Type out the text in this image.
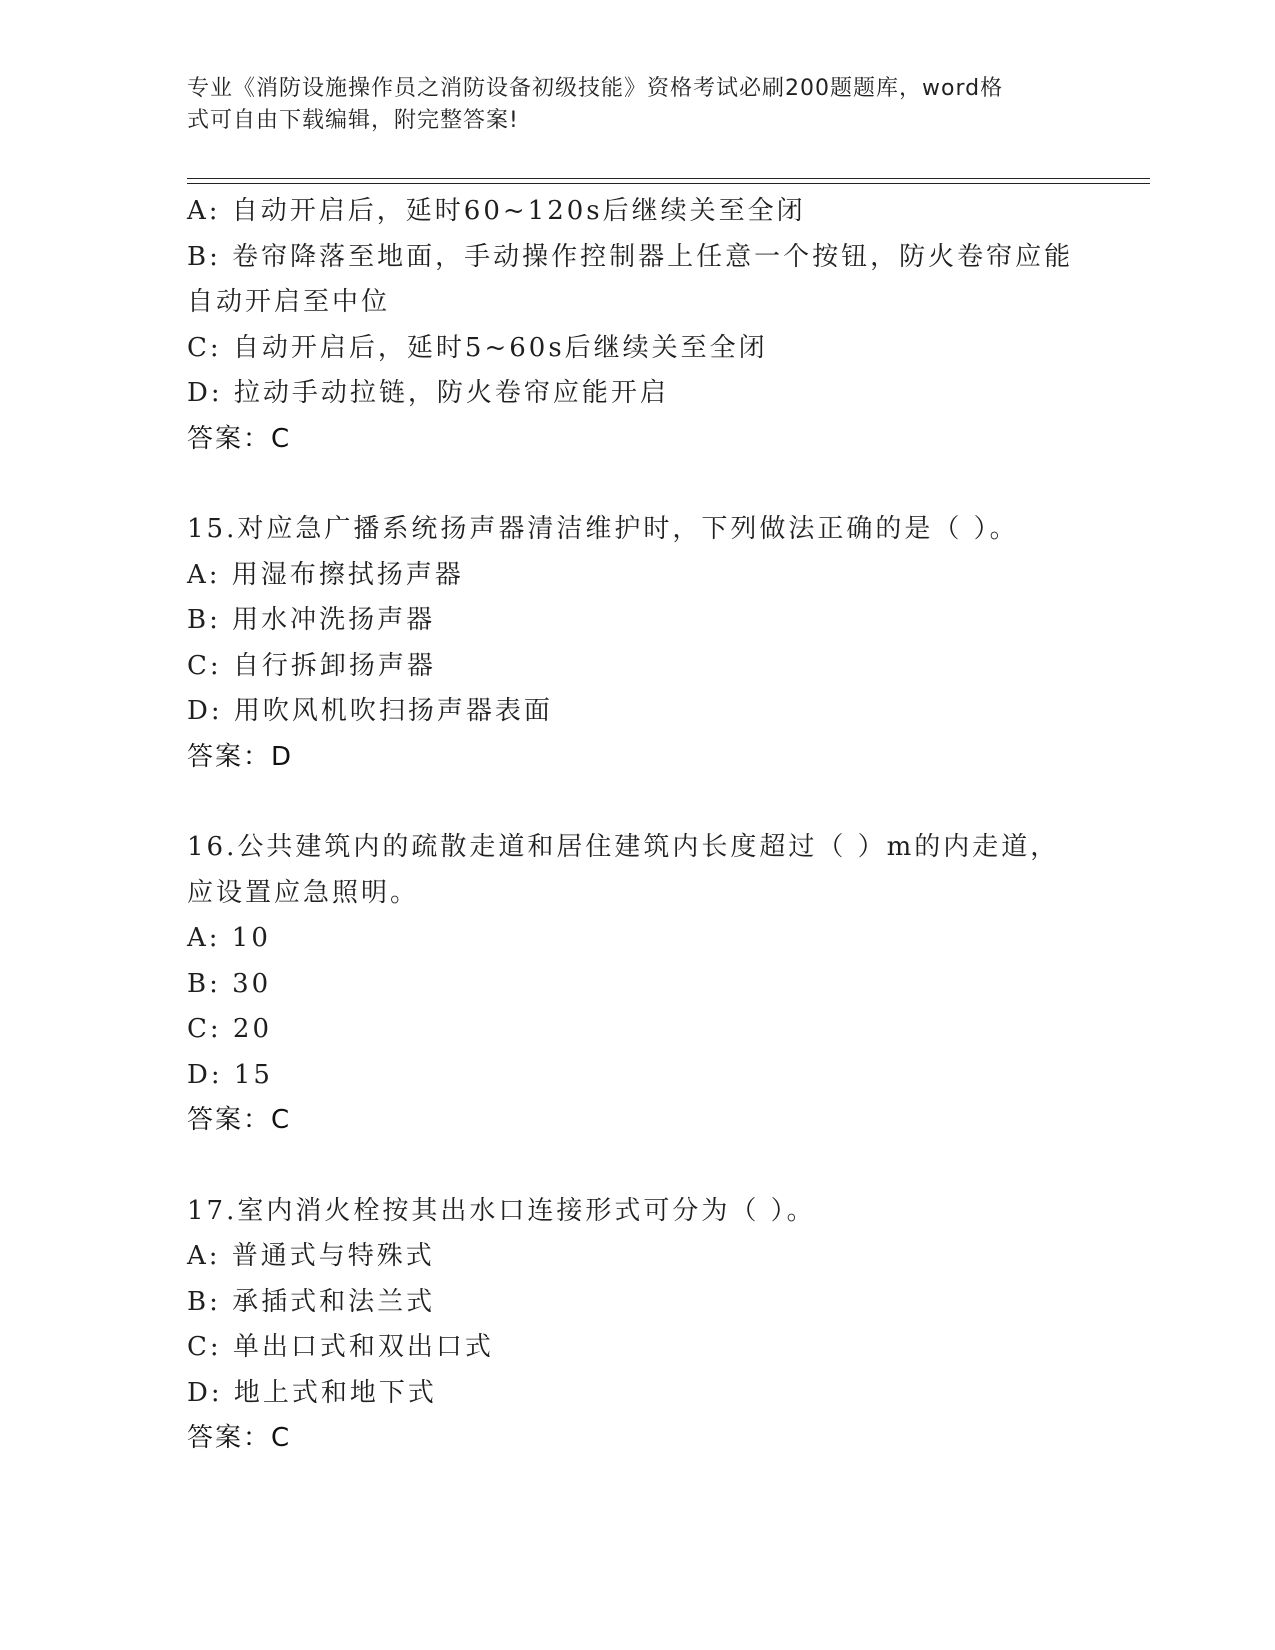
专业《消防设施操作员之消防设备初级技能》资格考试必刷200题题库，word格
式可自由下载编辑，附完整答案!
A: 自动开启后，延时60~120s后继续关至全闭
B: 卷帘降落至地面，手动操作控制器上任意一个按钮，防火卷帘应能
自动开启至中位
C: 自动开启后，延时5~60s后继续关至全闭
D: 拉动手动拉链，防火卷帘应能开启
答案：C
15.对应急广播系统扬声器清洁维护时，下列做法正确的是（ ）。
A: 用湿布擦拭扬声器
B: 用水冲洗扬声器
C: 自行拆卸扬声器
D: 用吹风机吹扫扬声器表面
答案：D
16.公共建筑内的疏散走道和居住建筑内长度超过（ ）m的内走道，
应设置应急照明。
A: 10
B: 30
C: 20
D: 15
答案：C
17.室内消火栓按其出水口连接形式可分为（ ）。
A: 普通式与特殊式
B: 承插式和法兰式
C: 单出口式和双出口式
D: 地上式和地下式
答案：C
